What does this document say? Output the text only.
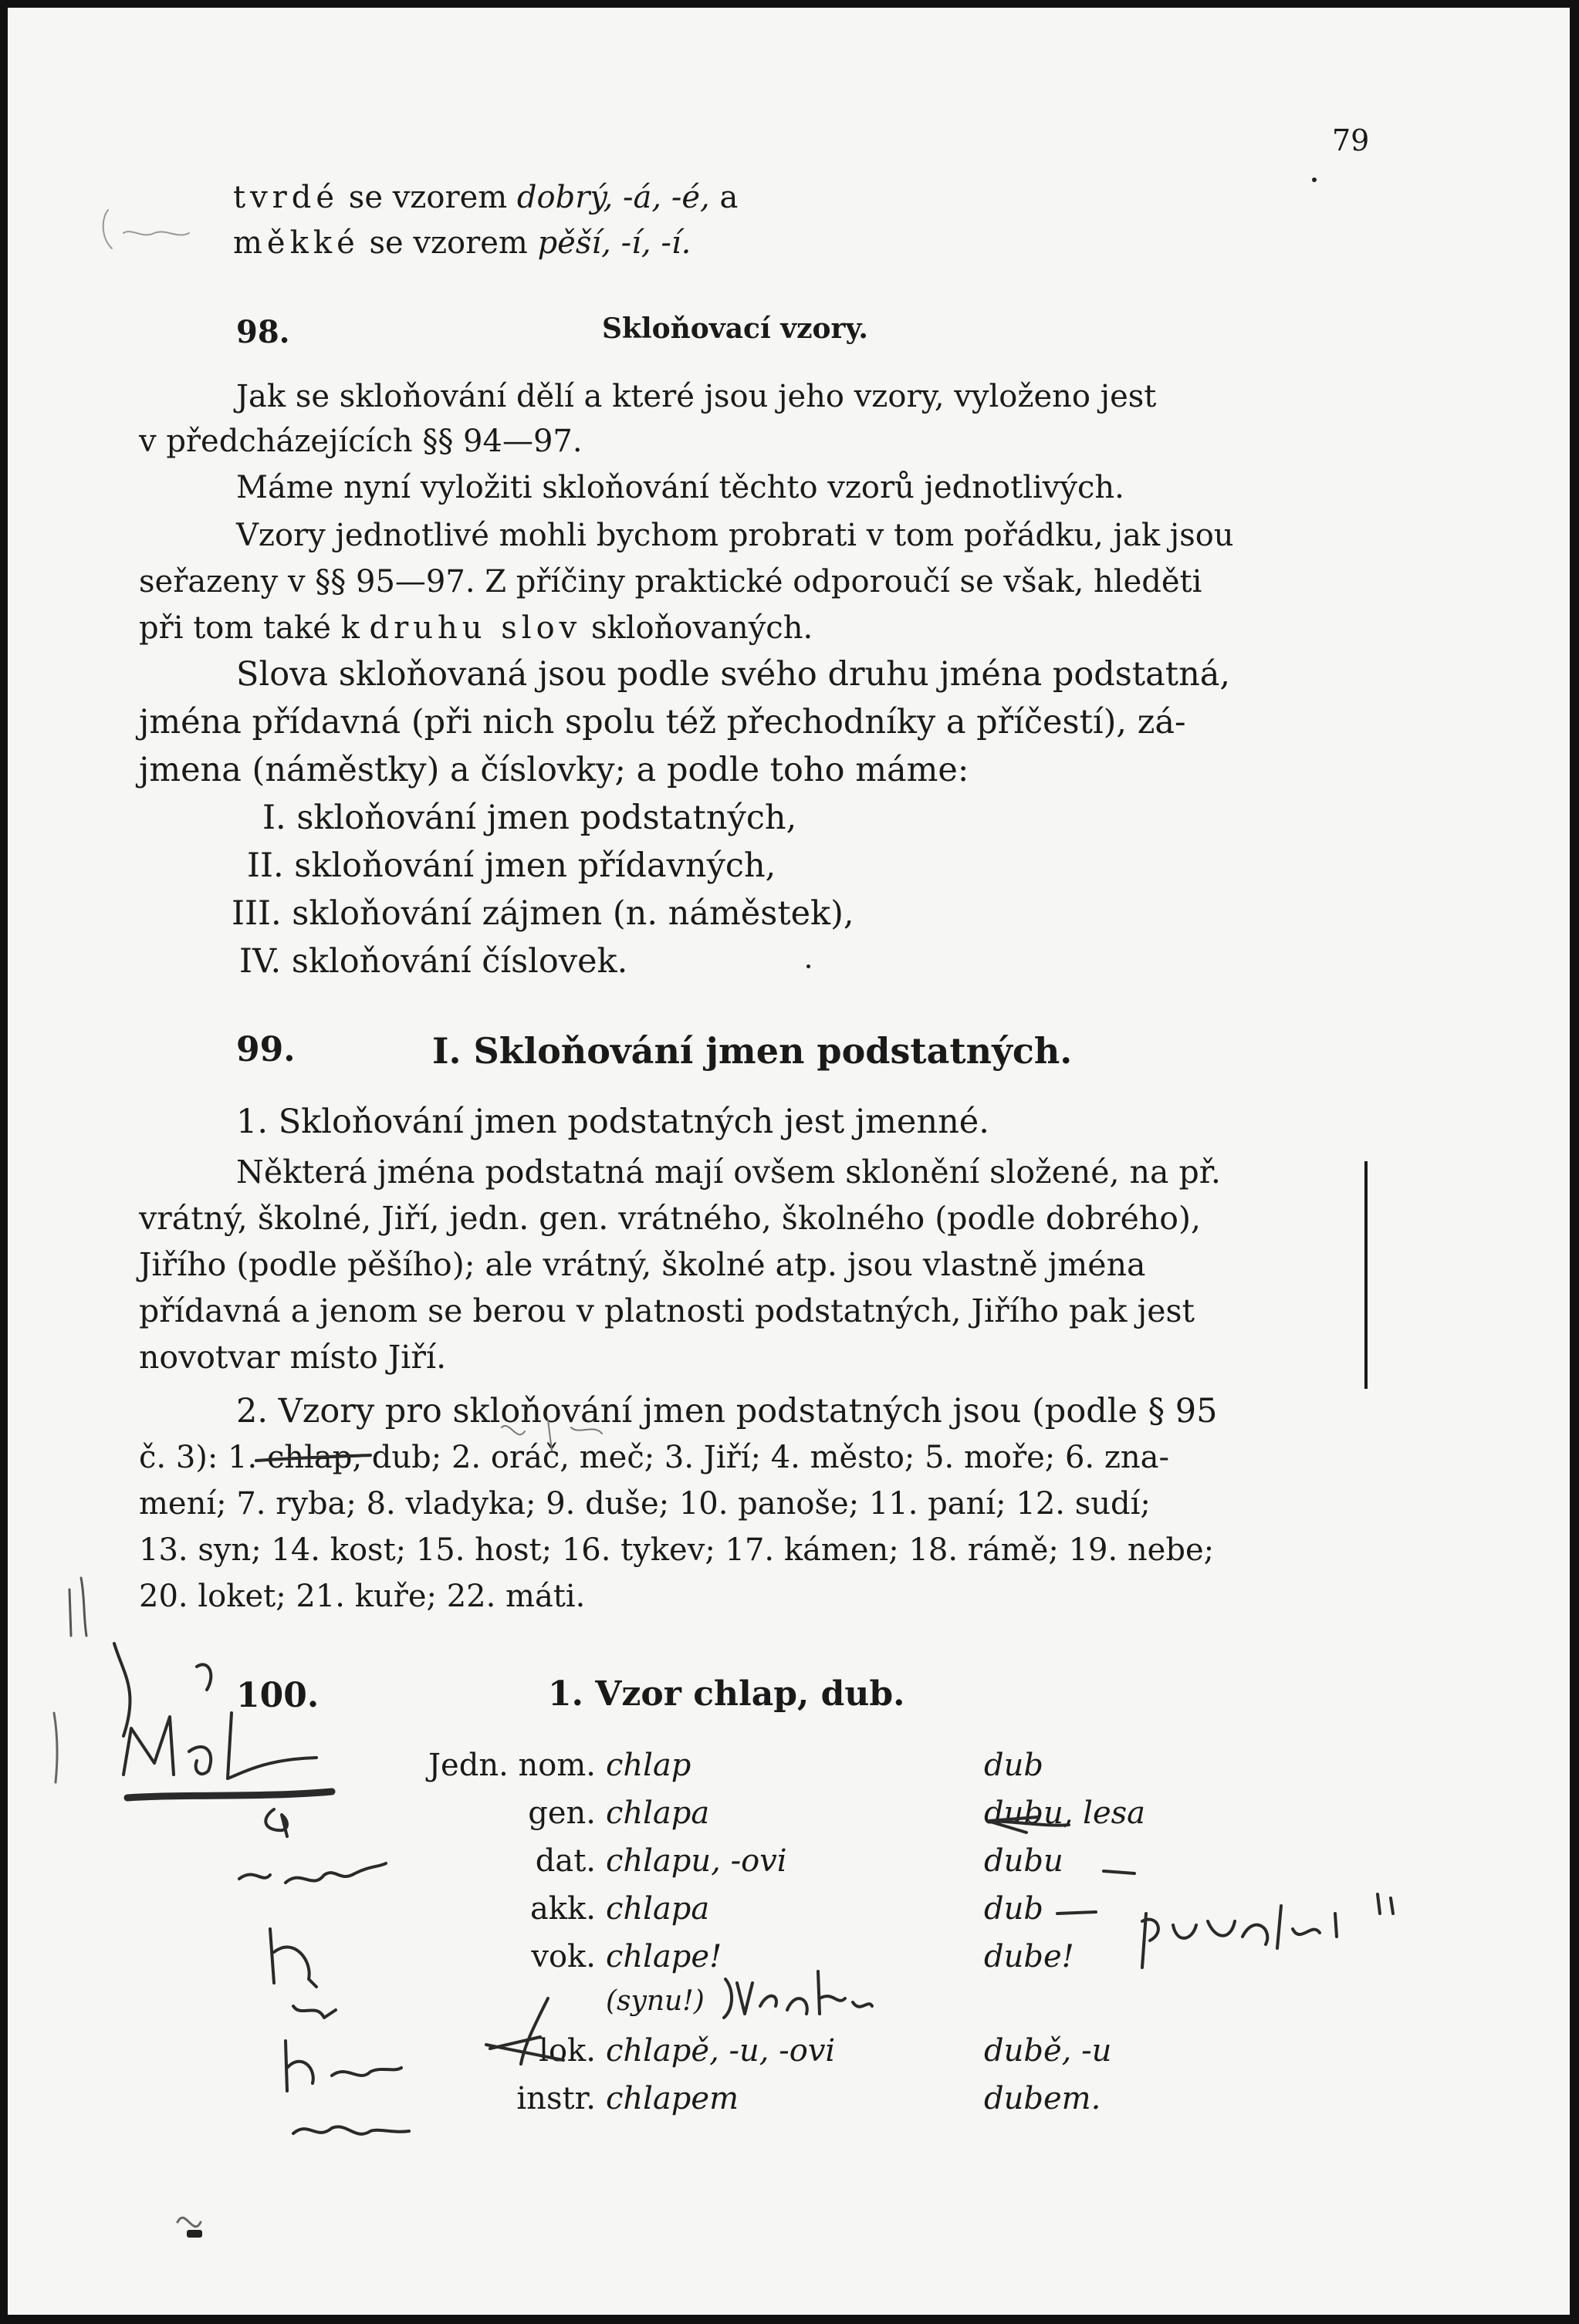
79
tvrdé se vzorem dobrý, -á, -é, a
měkké se vzorem pěší, -í, -í.
98.	Skloňovací vzory.
Jak se skloňování dělí a které jsou jeho vzory, vyloženo jest
v předcházejících §§ 94—97.
Máme nyní vyložiti skloňování těchto vzorů jednotlivých.
Vzory jednotlivé mohli bychom probrati v tom pořádku, jak jsou
seřazeny v §§ 95—97. Z příčiny praktické odporoučí se však, hleděti
při tom také k druhu slov skloňovaných.
Slova skloňovaná jsou podle svého druhu jména podstatná,
jména přídavná (při nich spolu též přechodníky a příčestí), zá-
jmena (náměstky) a číslovky; a podle toho máme:
I. skloňování jmen podstatných,
II. skloňování jmen přídavných,
III. skloňování zájmen (n. náměstek),
IV. skloňování číslovek.
99.	I. Skloňování jmen podstatných.
1. Skloňování jmen podstatných jest jmenné.
Některá jména podstatná mají ovšem sklonění složené, na př.
vrátný, školné, Jiří, jedn. gen. vrátného, školného (podle dobrého),
Jiřího (podle pěšího); ale vrátný, školné atp. jsou vlastně jména
přídavná a jenom se berou v platnosti podstatných, Jiřího pak jest
novotvar místo Jiří.
2. Vzory pro skloňování jmen podstatných jsou (podle § 95
č. 3): 1. chlap, dub; 2. oráč, meč; 3. Jiří; 4. město; 5. moře; 6. zna-
mení; 7. ryba; 8. vladyka; 9. duše; 10. panoše; 11. paní; 12. sudí;
13. syn; 14. kost; 15. host; 16. tykev; 17. kámen; 18. rámě; 19. nebe;
20. loket; 21. kuře; 22. máti.
100.	1. Vzor chlap, dub.
Jedn. nom. chlap	dub
gen. chlapa	dubu, lesa
dat. chlapu, -ovi	dubu
akk. chlapa	dub
vok. chlape!	dube!
(synu!)
lok. chlapě, -u, -ovi	dubě, -u
instr. chlapem	dubem.
